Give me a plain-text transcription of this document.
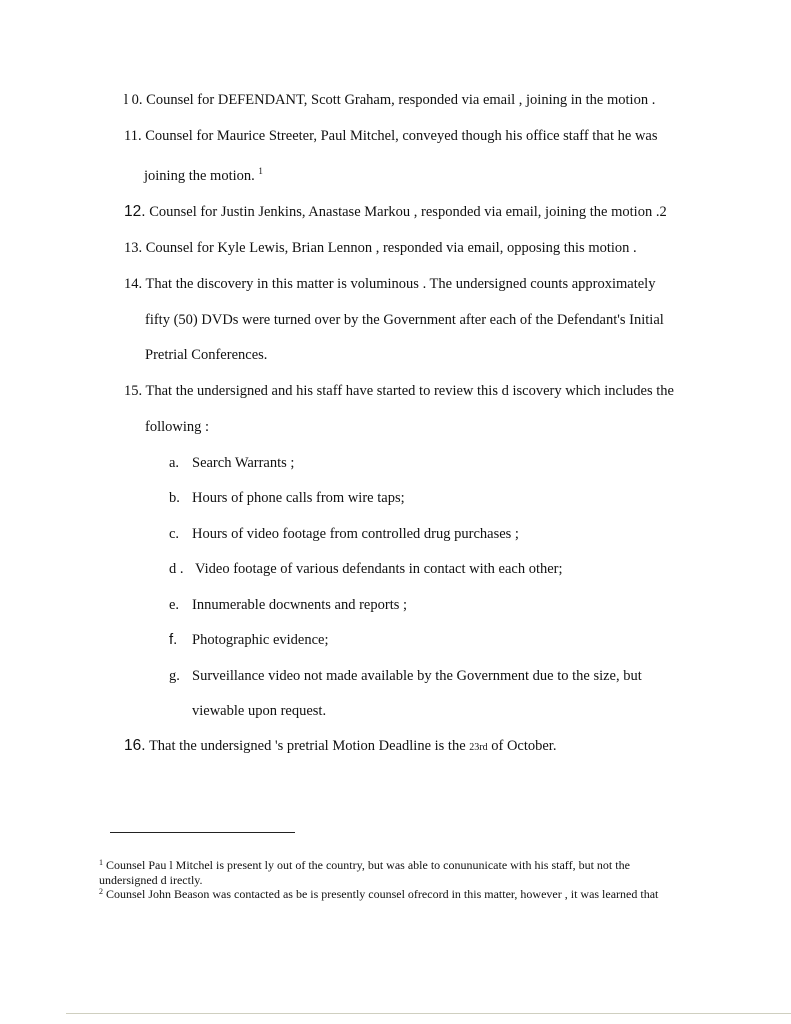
l 0. Counsel for DEFENDANT, Scott Graham, responded via email , joining in the motion .

11. Counsel for Maurice Streeter, Paul Mitchel, conveyed though his office staff that he was

joining the motion. $^1$

12. Counsel for Justin Jenkins, Anastase Markou , responded via email, joining the motion .2

13. Counsel for Kyle Lewis, Brian Lennon , responded via email, opposing this motion .

14. That the discovery in this matter is voluminous . The undersigned counts approximately

fifty (50) DVDs were turned over by the Government after each of the Defendant's Initial

Pretrial Conferences.

15. That the undersigned and his staff have started to review this d iscovery which includes the

following :

a. Search Warrants ;
b. Hours of phone calls from wire taps;
c. Hours of video footage from controlled drug purchases ;
d . Video footage of various defendants in contact with each other;
e. Innumerable docwnents and reports ;
f. Photographic evidence;
g. Surveillance video not made available by the Government due to the size, but
viewable upon request.

16. That the undersigned 's pretrial Motion Deadline is the 23rd of October.

$^1$ Counsel Pau l Mitchel is present ly out of the country, but was able to conununicate with his staff, but not the

undersigned d irectly.

$^2$ Counsel John Beason was contacted as be is presently counsel ofrecord in this matter, however , it was learned that
